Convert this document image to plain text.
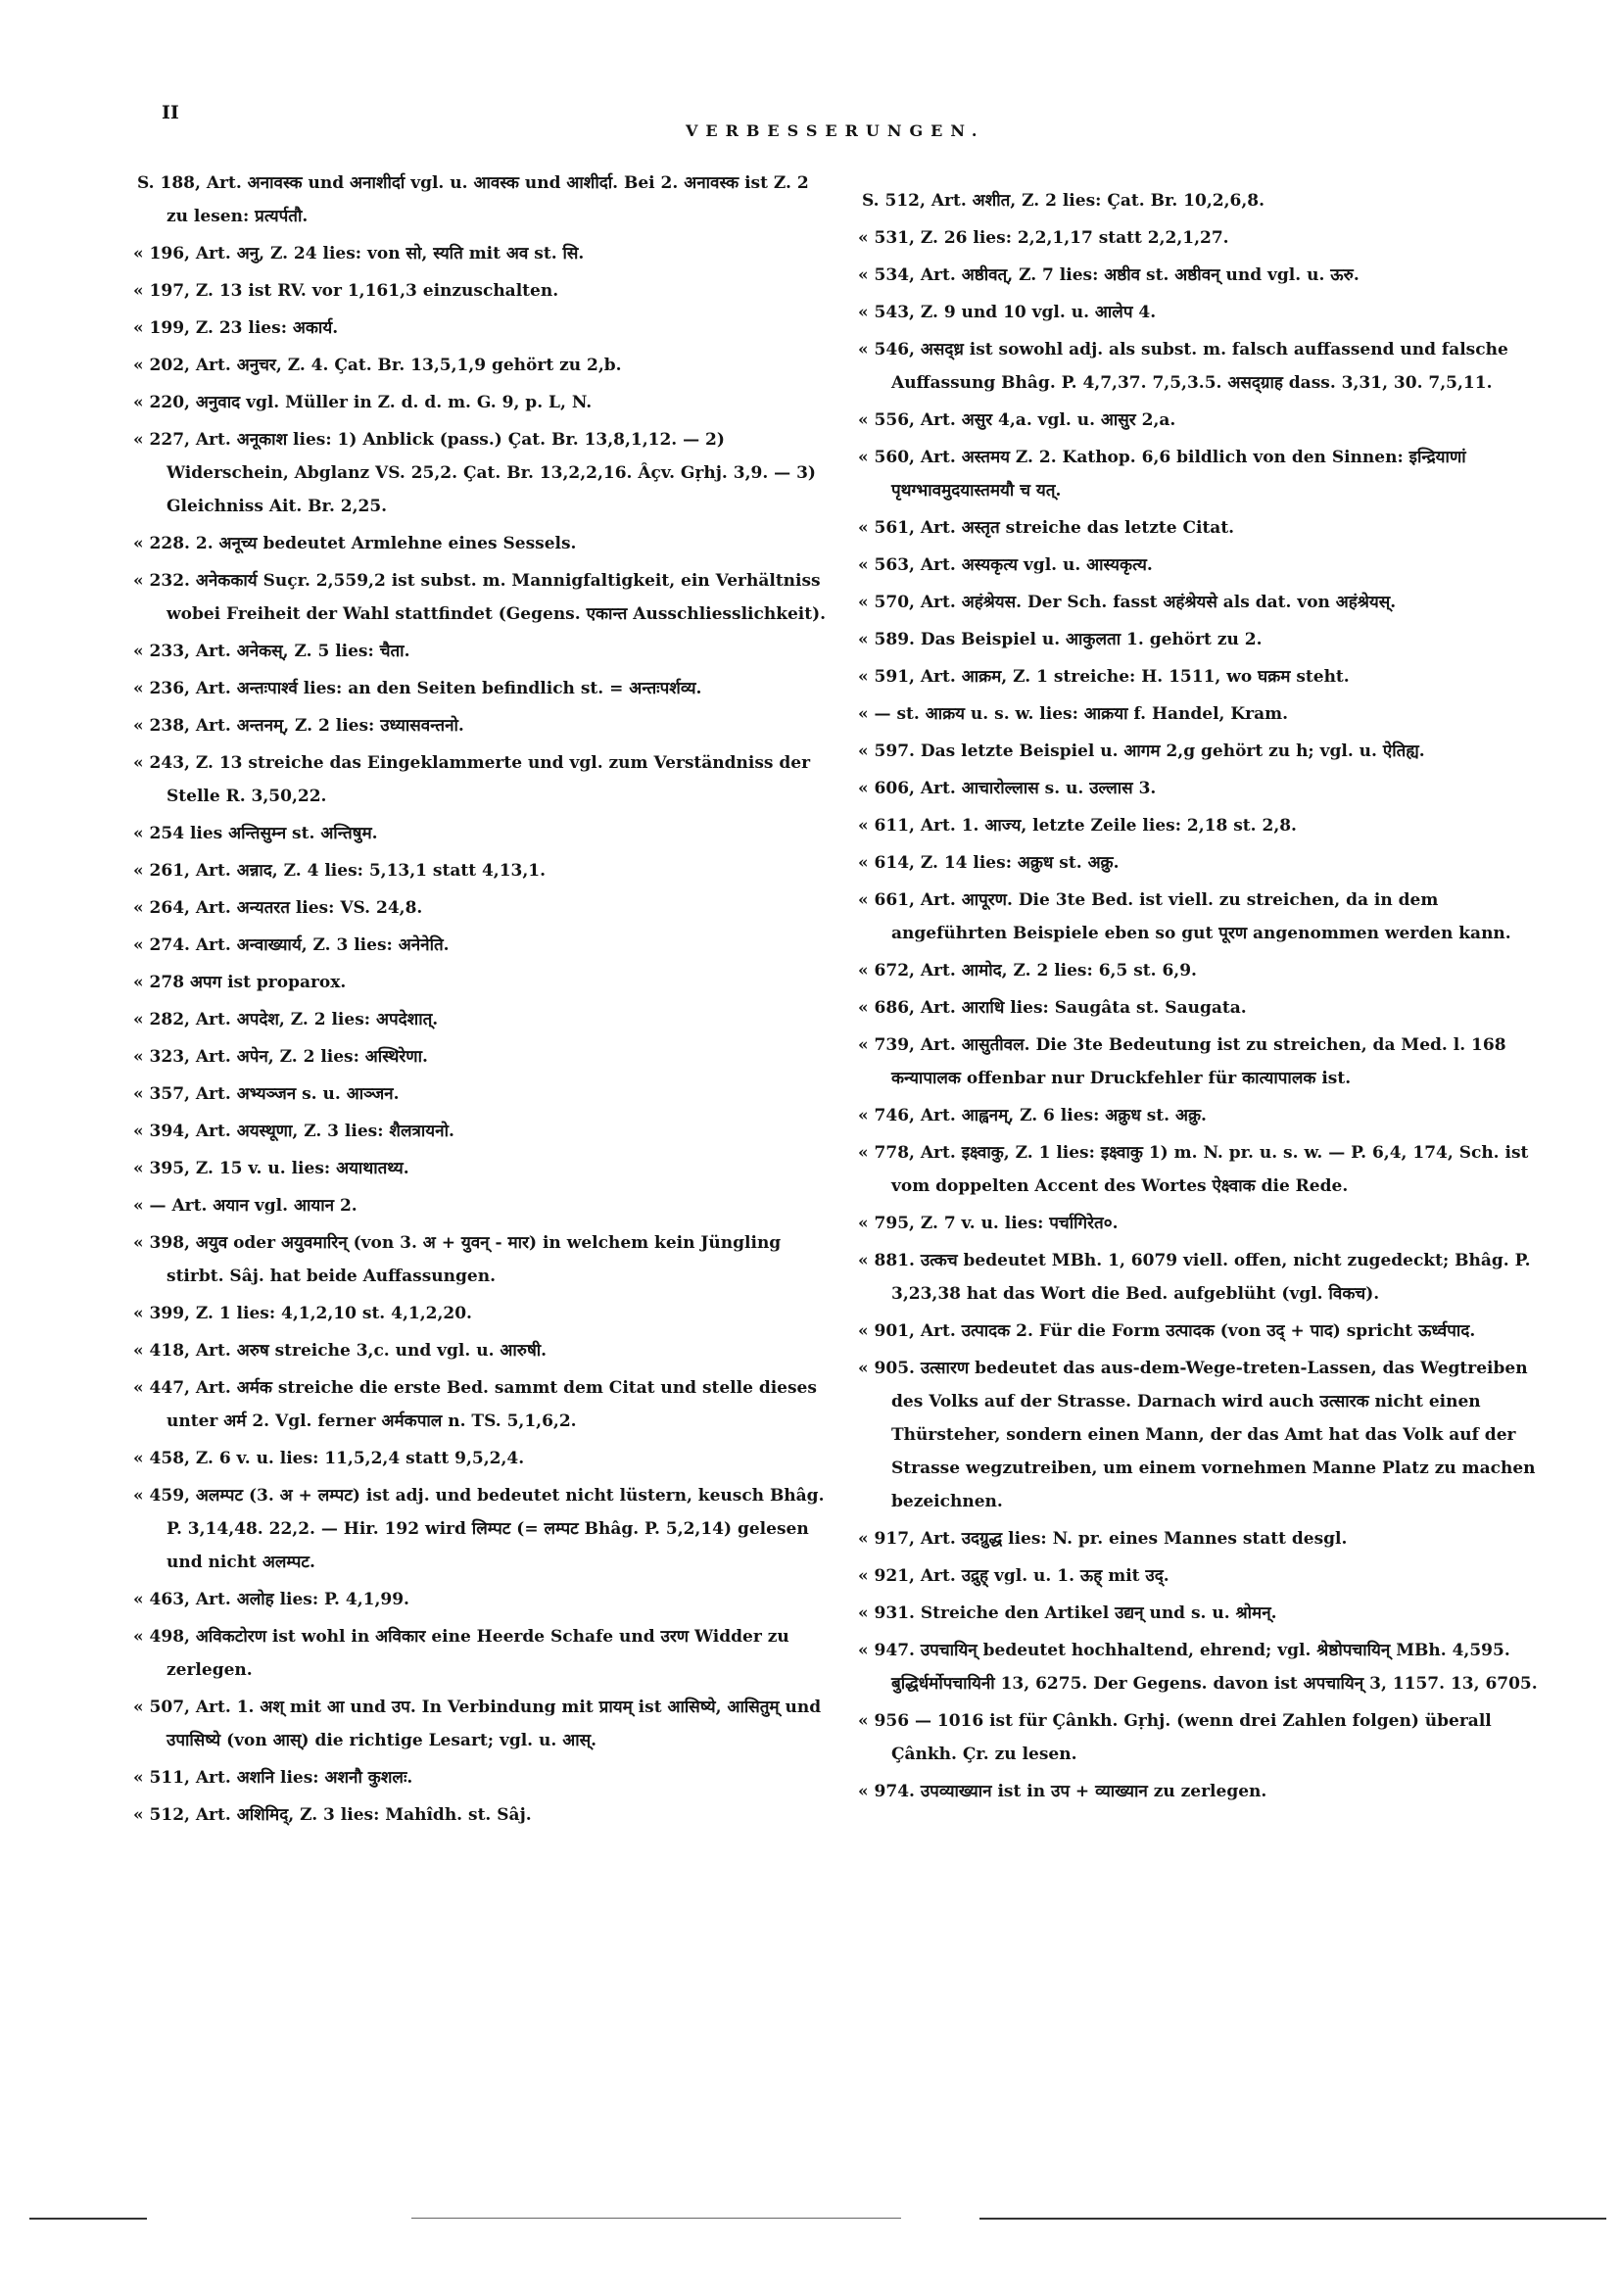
II
VERBESSERUNGEN.

S. 188, Art. अनावस्क und अनाशीर्दा vgl. u. आवस्क und आशीर्दा. Bei 2. अनावस्क ist Z. 2 zu lesen: प्रत्यर्पतौ.

« 196, Art. अनु, Z. 24 lies: von सो, स्यति mit अव st. सि.

« 197, Z. 13 ist RV. vor 1,161,3 einzuschalten.

« 199, Z. 23 lies: अकार्य.

« 202, Art. अनुचर, Z. 4. Çat. Br. 13,5,1,9 gehört zu 2,b.

« 220, अनुवाद vgl. Müller in Z. d. d. m. G. 9, p. L, N.

« 227, Art. अनूकाश lies: 1) Anblick (pass.) Çat. Br. 13,8,1,12. — 2) Widerschein, Abglanz VS. 25,2. Çat. Br. 13,2,2,16. Âçv. Gṛhj. 3,9. — 3) Gleichniss Ait. Br. 2,25.

« 228. 2. अनूच्य bedeutet Armlehne eines Sessels.

« 232. अनेककार्य Suçr. 2,559,2 ist subst. m. Mannigfaltigkeit, ein Verhältniss wobei Freiheit der Wahl stattfindet (Gegens. एकान्त Ausschliesslichkeit).

« 233, Art. अनेकस्, Z. 5 lies: चैता.

« 236, Art. अन्तःपार्श्व lies: an den Seiten befindlich st. = अन्तःपर्शव्य.

« 238, Art. अन्तनम्, Z. 2 lies: उध्यासवन्तनो.

« 243, Z. 13 streiche das Eingeklammerte und vgl. zum Verständniss der Stelle R. 3,50,22.

« 254 lies अन्तिसुम्न st. अन्तिषुम.

« 261, Art. अन्नाद, Z. 4 lies: 5,13,1 statt 4,13,1.

« 264, Art. अन्यतरत lies: VS. 24,8.

« 274. Art. अन्वाख्यार्य, Z. 3 lies: अनेनेति.

« 278 अपग ist proparox.

« 282, Art. अपदेश, Z. 2 lies: अपदेशात्.

« 323, Art. अपेन, Z. 2 lies: अस्थिरेणा.

« 357, Art. अभ्यञ्जन s. u. आञ्जन.

« 394, Art. अयस्थूणा, Z. 3 lies: शैलत्रायनो.

« 395, Z. 15 v. u. lies: अयाथातथ्य.

« — Art. अयान vgl. आयान 2.

« 398, अयुव oder अयुवमारिन् (von 3. अ + युवन् - मार) in welchem kein Jüngling stirbt. Sâj. hat beide Auffassungen.

« 399, Z. 1 lies: 4,1,2,10 st. 4,1,2,20.

« 418, Art. अरुष streiche 3,c. und vgl. u. आरुषी.

« 447, Art. अर्मक streiche die erste Bed. sammt dem Citat und stelle dieses unter अर्म 2. Vgl. ferner अर्मकपाल n. TS. 5,1,6,2.

« 458, Z. 6 v. u. lies: 11,5,2,4 statt 9,5,2,4.

« 459, अलम्पट (3. अ + लम्पट) ist adj. und bedeutet nicht lüstern, keusch Bhâg. P. 3,14,48. 22,2. — Hir. 192 wird लिम्पट (= लम्पट Bhâg. P. 5,2,14) gelesen und nicht अलम्पट.

« 463, Art. अलोह lies: P. 4,1,99.

« 498, अविकटोरण ist wohl in अविकार eine Heerde Schafe und उरण Widder zu zerlegen.

« 507, Art. 1. अश् mit आ und उप. In Verbindung mit प्रायम् ist आसिष्ये, आसितुम् und उपासिष्ये (von आस्) die richtige Lesart; vgl. u. आस्.

« 511, Art. अशनि lies: अशनौ कुशलः.

« 512, Art. अशिमिद्, Z. 3 lies: Mahîdh. st. Sâj.

S. 512, Art. अशीत, Z. 2 lies: Çat. Br. 10,2,6,8.

« 531, Z. 26 lies: 2,2,1,17 statt 2,2,1,27.

« 534, Art. अष्ठीवत्, Z. 7 lies: अष्ठीव st. अष्ठीवन् und vgl. u. ऊरु.

« 543, Z. 9 und 10 vgl. u. आलेप 4.

« 546, असद्ध्र ist sowohl adj. als subst. m. falsch auffassend und falsche Auffassung Bhâg. P. 4,7,37. 7,5,3.5. असद्ग्राह dass. 3,31, 30. 7,5,11.

« 556, Art. असुर 4,a. vgl. u. आसुर 2,a.

« 560, Art. अस्तमय Z. 2. Kathop. 6,6 bildlich von den Sinnen: इन्द्रियाणां पृथग्भावमुदयास्तमयौ च यत्.

« 561, Art. अस्तृत streiche das letzte Citat.

« 563, Art. अस्यकृत्य vgl. u. आस्यकृत्य.

« 570, Art. अहंश्रेयस. Der Sch. fasst अहंश्रेयसे als dat. von अहंश्रेयस्.

« 589. Das Beispiel u. आकुलता 1. gehört zu 2.

« 591, Art. आक्रम, Z. 1 streiche: H. 1511, wo घक्रम steht.

« — st. आक्रय u. s. w. lies: आक्रया f. Handel, Kram.

« 597. Das letzte Beispiel u. आगम 2,g gehört zu h; vgl. u. ऐतिह्य.

« 606, Art. आचारोल्लास s. u. उल्लास 3.

« 611, Art. 1. आज्य, letzte Zeile lies: 2,18 st. 2,8.

« 614, Z. 14 lies: अक्रुध st. अक्रु.

« 661, Art. आपूरण. Die 3te Bed. ist viell. zu streichen, da in dem angeführten Beispiele eben so gut पूरण angenommen werden kann.

« 672, Art. आमोद, Z. 2 lies: 6,5 st. 6,9.

« 686, Art. आराधि lies: Saugâta st. Saugata.

« 739, Art. आसुतीवल. Die 3te Bedeutung ist zu streichen, da Med. l. 168 कन्यापालक offenbar nur Druckfehler für कात्यापालक ist.

« 746, Art. आह्वनम्, Z. 6 lies: अक्रुध st. अक्रु.

« 778, Art. इक्ष्वाकु, Z. 1 lies: इक्ष्वाकु 1) m. N. pr. u. s. w. — P. 6,4, 174, Sch. ist vom doppelten Accent des Wortes ऐक्ष्वाक die Rede.

« 795, Z. 7 v. u. lies: पर्चागिरेत०.

« 881. उत्कच bedeutet MBh. 1, 6079 viell. offen, nicht zugedeckt; Bhâg. P. 3,23,38 hat das Wort die Bed. aufgeblüht (vgl. विकच).

« 901, Art. उत्पादक 2. Für die Form उत्पादक (von उद् + पाद) spricht ऊर्ध्वपाद.

« 905. उत्सारण bedeutet das aus-dem-Wege-treten-Lassen, das Wegtreiben des Volks auf der Strasse. Darnach wird auch उत्सारक nicht einen Thürsteher, sondern einen Mann, der das Amt hat das Volk auf der Strasse wegzutreiben, um einem vornehmen Manne Platz zu machen bezeichnen.

« 917, Art. उदग्रुद्ध lies: N. pr. eines Mannes statt desgl.

« 921, Art. उद्रुह् vgl. u. 1. ऊह् mit उद्.

« 931. Streiche den Artikel उद्यन् und s. u. श्रोमन्.

« 947. उपचायिन् bedeutet hochhaltend, ehrend; vgl. श्रेष्ठोपचायिन् MBh. 4,595. बुद्धिर्धर्मोपचायिनी 13, 6275. Der Gegens. davon ist अपचायिन् 3, 1157. 13, 6705.

« 956 — 1016 ist für Çânkh. Gṛhj. (wenn drei Zahlen folgen) überall Çânkh. Çr. zu lesen.

« 974. उपव्याख्यान ist in उप + व्याख्यान zu zerlegen.
